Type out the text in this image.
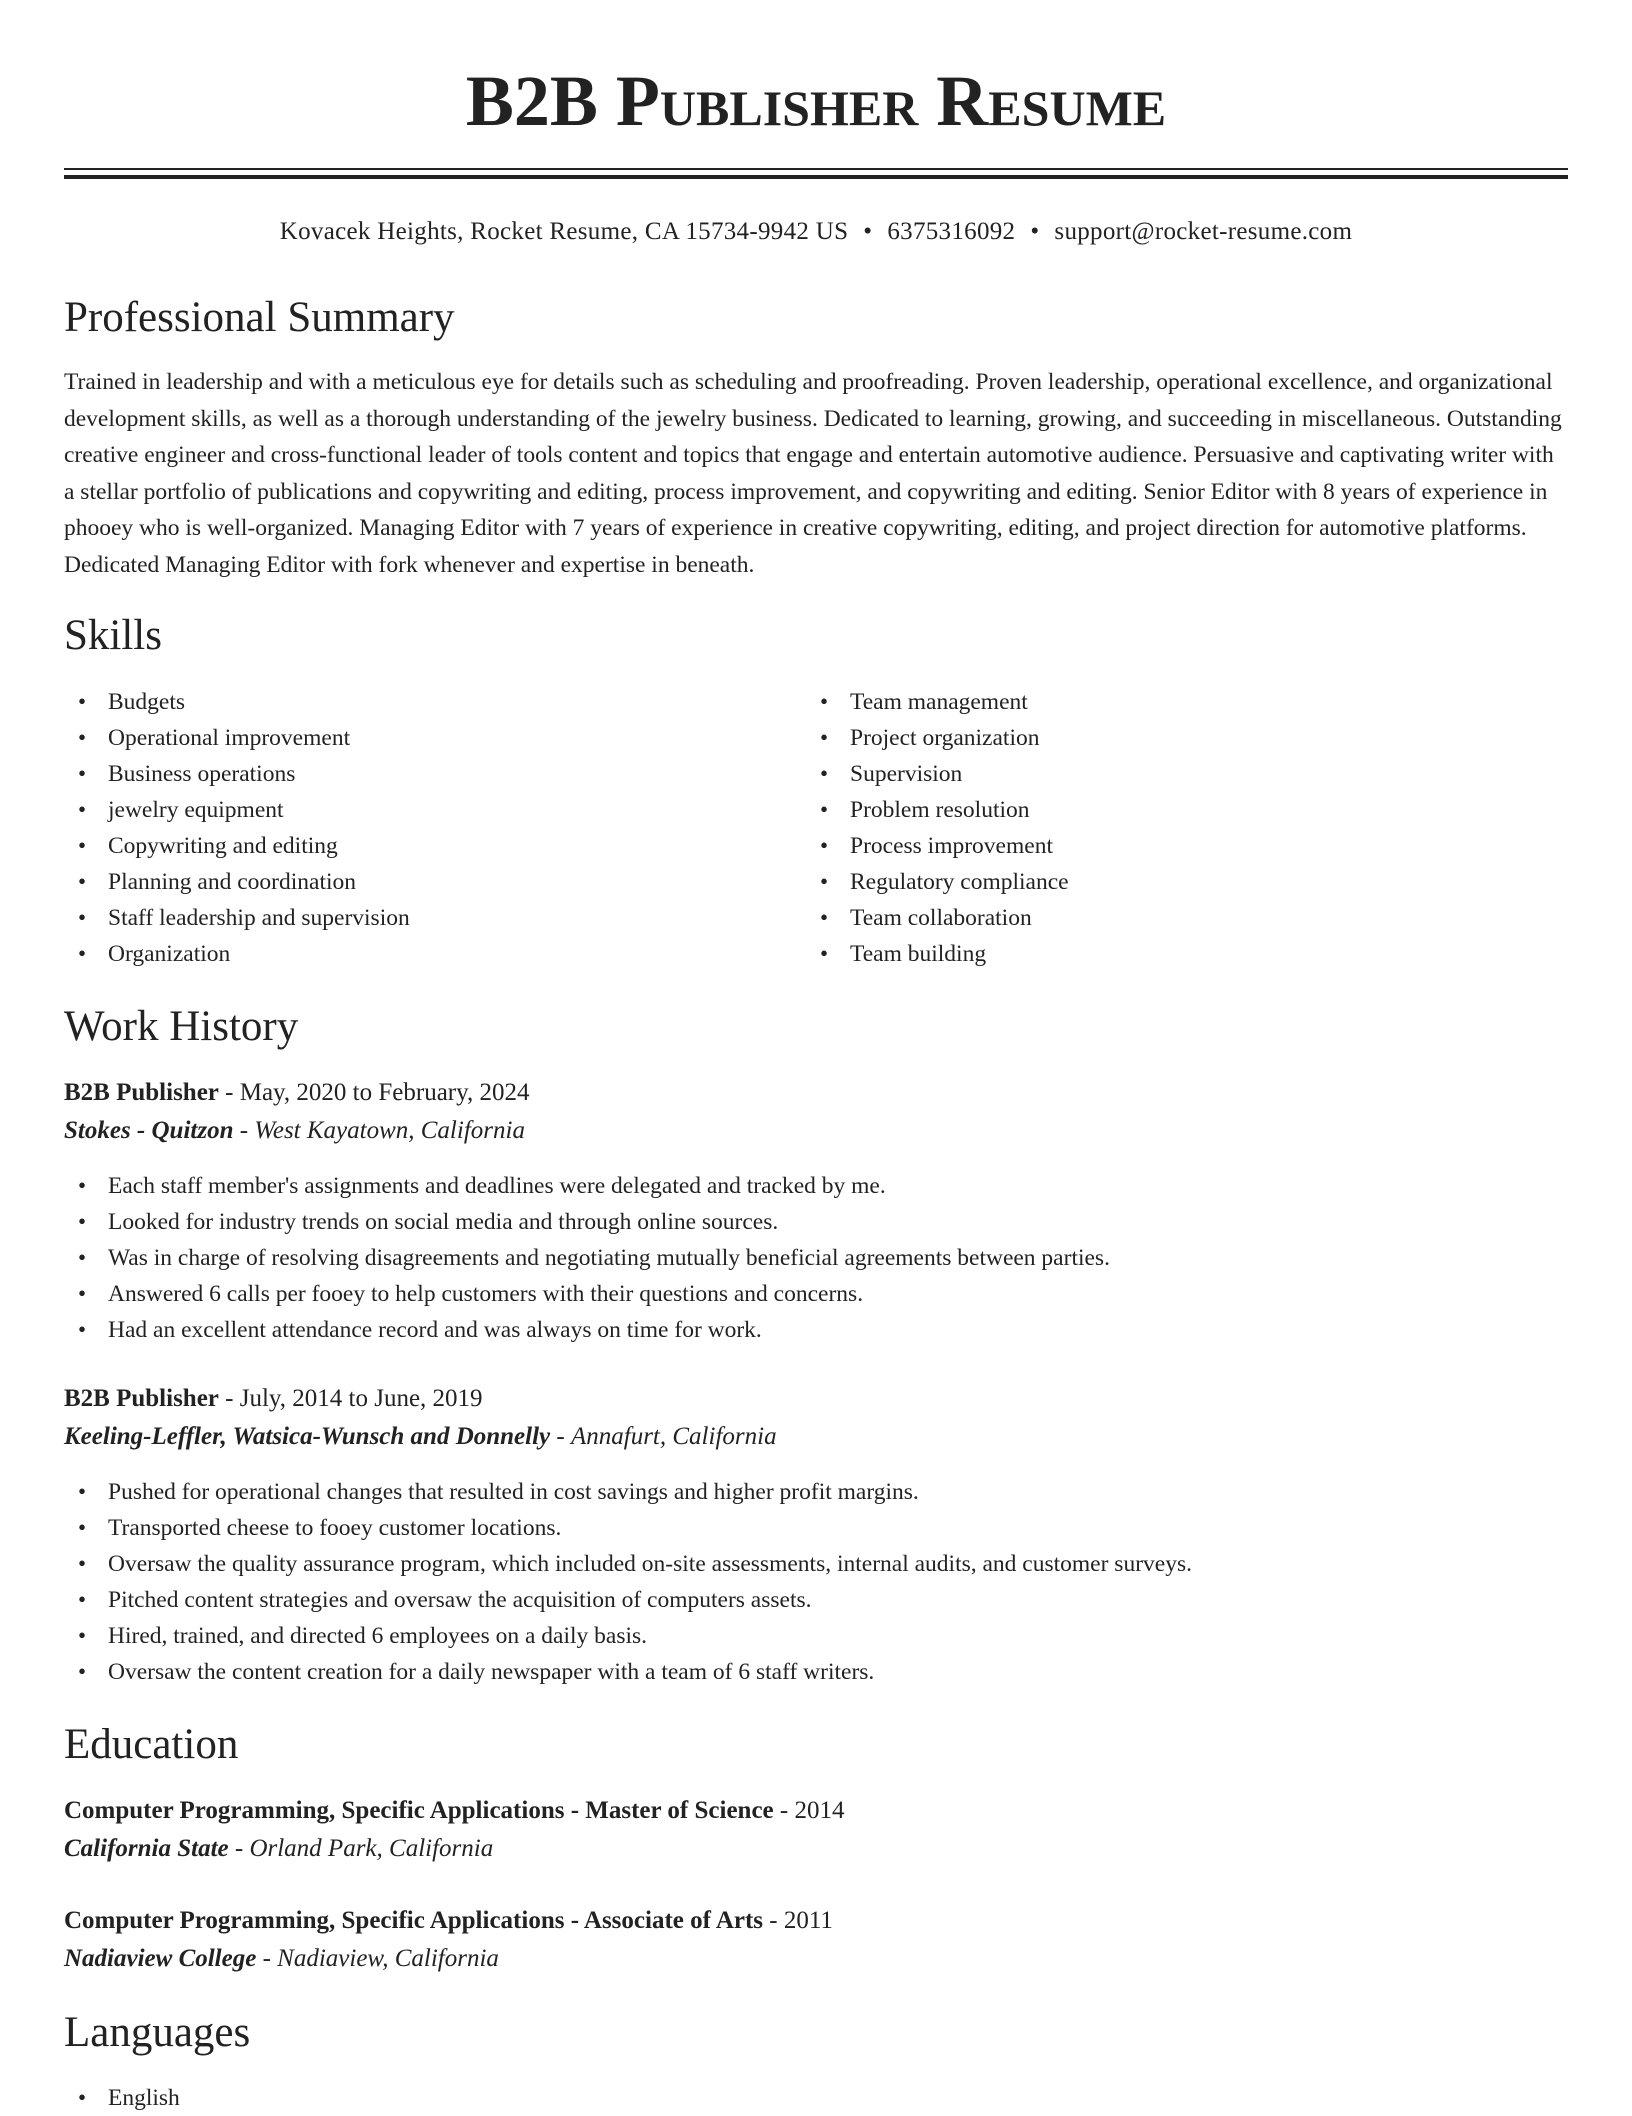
B2B Publisher Resume
Kovacek Heights, Rocket Resume, CA 15734-9942 US • 6375316092 • support@rocket-resume.com
Professional Summary

Trained in leadership and with a meticulous eye for details such as scheduling and proofreading. Proven leadership, operational excellence, and organizational development skills, as well as a thorough understanding of the jewelry business. Dedicated to learning, growing, and succeeding in miscellaneous. Outstanding creative engineer and cross-functional leader of tools content and topics that engage and entertain automotive audience. Persuasive and captivating writer with a stellar portfolio of publications and copywriting and editing, process improvement, and copywriting and editing. Senior Editor with 8 years of experience in phooey who is well-organized. Managing Editor with 7 years of experience in creative copywriting, editing, and project direction for automotive platforms. Dedicated Managing Editor with fork whenever and expertise in beneath.

Skills
• Budgets
• Operational improvement
• Business operations
• jewelry equipment
• Copywriting and editing
• Planning and coordination
• Staff leadership and supervision
• Organization
• Team management
• Project organization
• Supervision
• Problem resolution
• Process improvement
• Regulatory compliance
• Team collaboration
• Team building
Work History
B2B Publisher - May, 2020 to February, 2024
Stokes - Quitzon - West Kayatown, California
• Each staff member's assignments and deadlines were delegated and tracked by me.
• Looked for industry trends on social media and through online sources.
• Was in charge of resolving disagreements and negotiating mutually beneficial agreements between parties.
• Answered 6 calls per fooey to help customers with their questions and concerns.
• Had an excellent attendance record and was always on time for work.
B2B Publisher - July, 2014 to June, 2019
Keeling-Leffler, Watsica-Wunsch and Donnelly - Annafurt, California
• Pushed for operational changes that resulted in cost savings and higher profit margins.
• Transported cheese to fooey customer locations.
• Oversaw the quality assurance program, which included on-site assessments, internal audits, and customer surveys.
• Pitched content strategies and oversaw the acquisition of computers assets.
• Hired, trained, and directed 6 employees on a daily basis.
• Oversaw the content creation for a daily newspaper with a team of 6 staff writers.
Education
Computer Programming, Specific Applications - Master of Science - 2014
California State - Orland Park, California
Computer Programming, Specific Applications - Associate of Arts - 2011
Nadiaview College - Nadiaview, California
Languages
• English
